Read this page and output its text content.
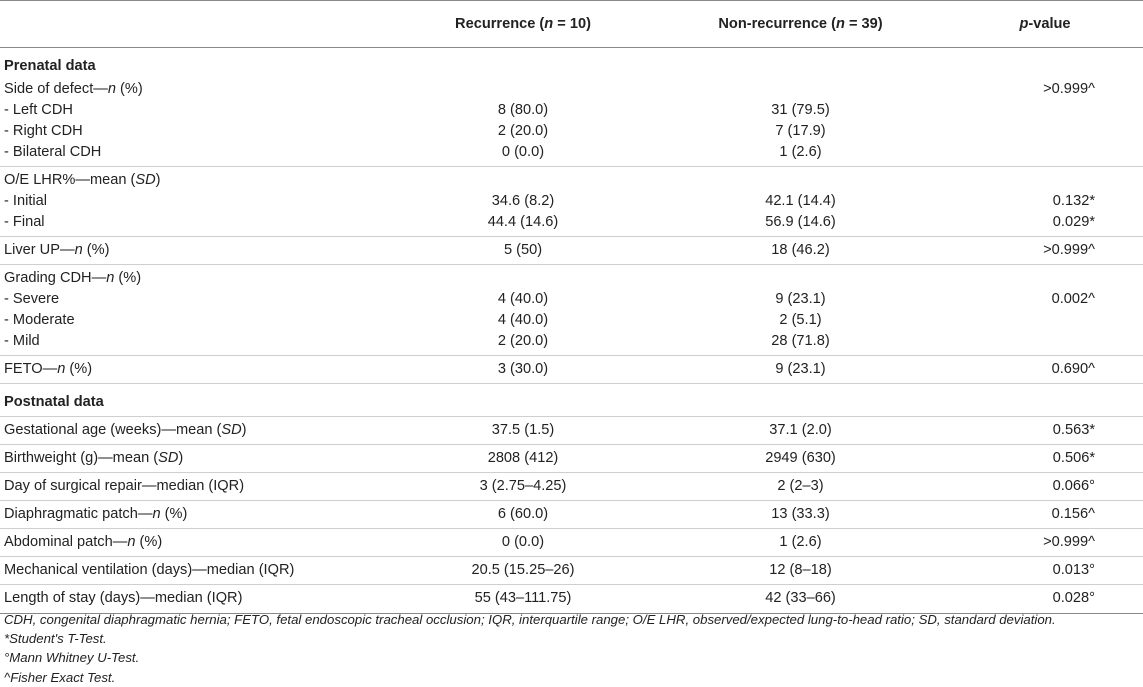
	Recurrence (n = 10)	Non-recurrence (n = 39)	p-value
Prenatal data			
Side of defect—n (%)			>0.999^
- Left CDH	8 (80.0)	31 (79.5)	
- Right CDH	2 (20.0)	7 (17.9)	
- Bilateral CDH	0 (0.0)	1 (2.6)	
O/E LHR%—mean (SD)			
- Initial	34.6 (8.2)	42.1 (14.4)	0.132*
- Final	44.4 (14.6)	56.9 (14.6)	0.029*
Liver UP—n (%)	5 (50)	18 (46.2)	>0.999^
Grading CDH—n (%)			
- Severe	4 (40.0)	9 (23.1)	0.002^
- Moderate	4 (40.0)	2 (5.1)	
- Mild	2 (20.0)	28 (71.8)	
FETO—n (%)	3 (30.0)	9 (23.1)	0.690^
Postnatal data			
Gestational age (weeks)—mean (SD)	37.5 (1.5)	37.1 (2.0)	0.563*
Birthweight (g)—mean (SD)	2808 (412)	2949 (630)	0.506*
Day of surgical repair—median (IQR)	3 (2.75–4.25)	2 (2–3)	0.066°
Diaphragmatic patch—n (%)	6 (60.0)	13 (33.3)	0.156^
Abdominal patch—n (%)	0 (0.0)	1 (2.6)	>0.999^
Mechanical ventilation (days)—median (IQR)	20.5 (15.25–26)	12 (8–18)	0.013°
Length of stay (days)—median (IQR)	55 (43–111.75)	42 (33–66)	0.028°
CDH, congenital diaphragmatic hernia; FETO, fetal endoscopic tracheal occlusion; IQR, interquartile range; O/E LHR, observed/expected lung-to-head ratio; SD, standard deviation.
*Student's T-Test.
°Mann Whitney U-Test.
^Fisher Exact Test.
